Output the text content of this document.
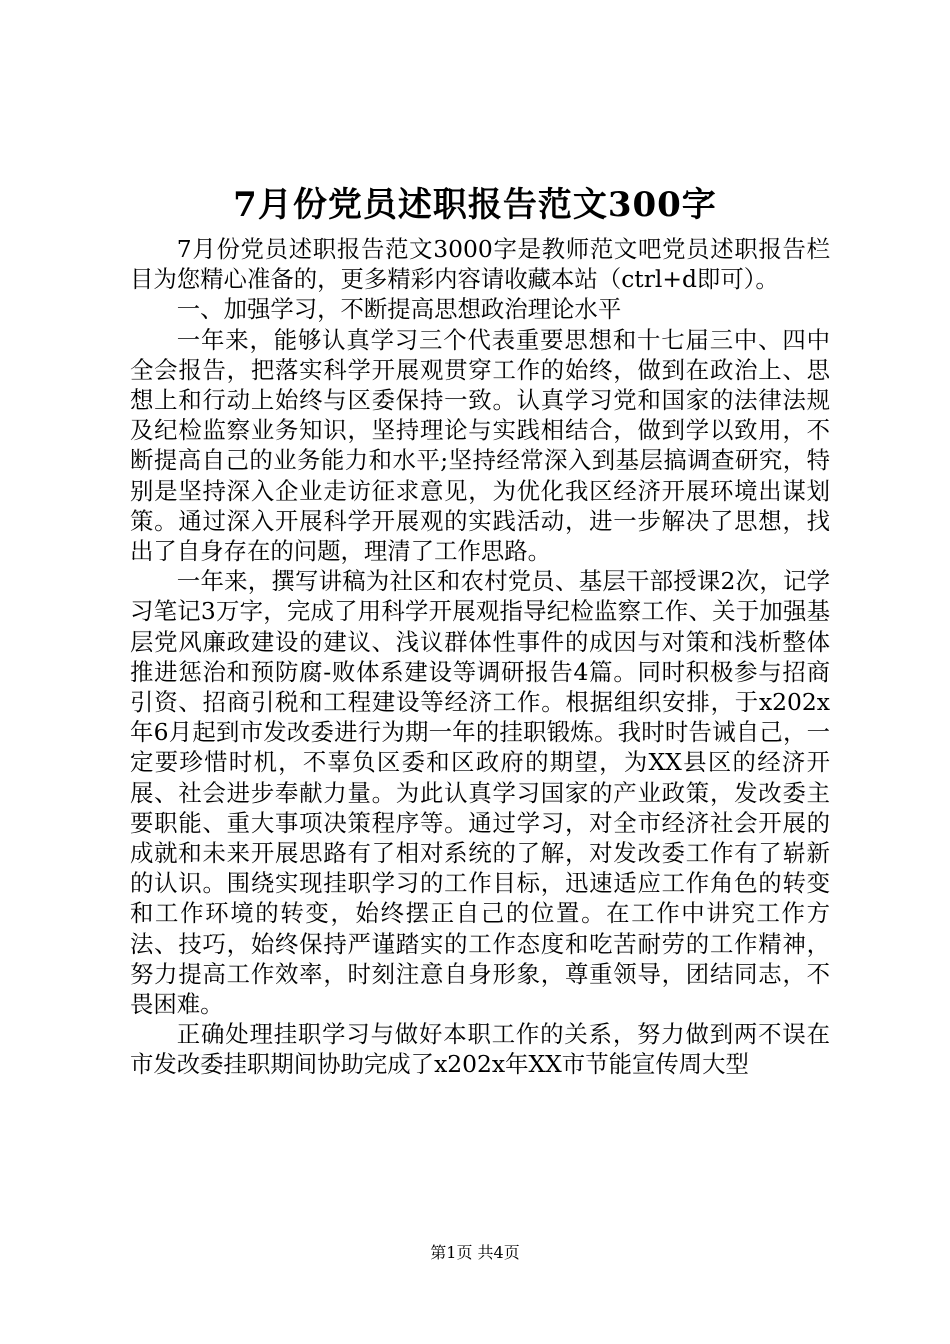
7月份党员述职报告范文300字

7月份党员述职报告范文3000字是教师范文吧党员述职报告栏目为您精心准备的，更多精彩内容请收藏本站（ctrl+d即可）。

一、加强学习，不断提高思想政治理论水平

一年来，能够认真学习三个代表重要思想和十七届三中、四中全会报告，把落实科学开展观贯穿工作的始终，做到在政治上、思想上和行动上始终与区委保持一致。认真学习党和国家的法律法规及纪检监察业务知识，坚持理论与实践相结合，做到学以致用，不断提高自己的业务能力和水平;坚持经常深入到基层搞调查研究，特别是坚持深入企业走访征求意见，为优化我区经济开展环境出谋划策。通过深入开展科学开展观的实践活动，进一步解决了思想，找出了自身存在的问题，理清了工作思路。

一年来，撰写讲稿为社区和农村党员、基层干部授课2次，记学习笔记3万字，完成了用科学开展观指导纪检监察工作、关于加强基层党风廉政建设的建议、浅议群体性事件的成因与对策和浅析整体推进惩治和预防腐-败体系建设等调研报告4篇。同时积极参与招商引资、招商引税和工程建设等经济工作。根据组织安排，于x202x年6月起到市发改委进行为期一年的挂职锻炼。我时时告诫自己，一定要珍惜时机，不辜负区委和区政府的期望，为XX县区的经济开展、社会进步奉献力量。为此认真学习国家的产业政策，发改委主要职能、重大事项决策程序等。通过学习，对全市经济社会开展的成就和未来开展思路有了相对系统的了解，对发改委工作有了崭新的认识。围绕实现挂职学习的工作目标，迅速适应工作角色的转变和工作环境的转变，始终摆正自己的位置。在工作中讲究工作方法、技巧，始终保持严谨踏实的工作态度和吃苦耐劳的工作精神，努力提高工作效率，时刻注意自身形象，尊重领导，团结同志，不畏困难。

正确处理挂职学习与做好本职工作的关系，努力做到两不误在市发改委挂职期间协助完成了x202x年XX市节能宣传周大型

第1页 共4页
